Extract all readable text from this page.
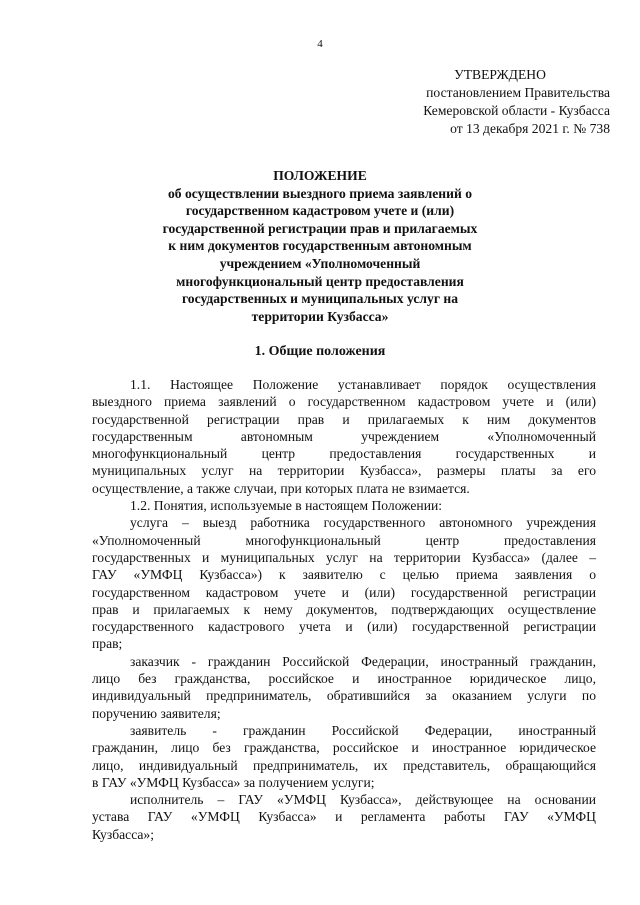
4
УТВЕРЖДЕНО
постановлением Правительства
Кемеровской области - Кузбасса
от 13 декабря 2021 г. № 738
ПОЛОЖЕНИЕ
об осуществлении выездного приема заявлений о
государственном кадастровом учете и (или)
государственной регистрации прав и прилагаемых
к ним документов государственным автономным
учреждением «Уполномоченный
многофункциональный центр предоставления
государственных и муниципальных услуг на
территории Кузбасса»
1. Общие положения
1.1. Настоящее Положение устанавливает порядок осуществления
выездного приема заявлений о государственном кадастровом учете и (или)
государственной регистрации прав и прилагаемых к ним документов
государственным автономным учреждением «Уполномоченный
многофункциональный центр предоставления государственных и
муниципальных услуг на территории Кузбасса», размеры платы за его
осуществление, а также случаи, при которых плата не взимается.
1.2. Понятия, используемые в настоящем Положении:
услуга – выезд работника государственного автономного учреждения
«Уполномоченный многофункциональный центр предоставления
государственных и муниципальных услуг на территории Кузбасса» (далее –
ГАУ «УМФЦ Кузбасса») к заявителю с целью приема заявления о
государственном кадастровом учете и (или) государственной регистрации
прав и прилагаемых к нему документов, подтверждающих осуществление
государственного кадастрового учета и (или) государственной регистрации
прав;
заказчик - гражданин Российской Федерации, иностранный гражданин,
лицо без гражданства, российское и иностранное юридическое лицо,
индивидуальный предприниматель, обратившийся за оказанием услуги по
поручению заявителя;
заявитель - гражданин Российской Федерации, иностранный
гражданин, лицо без гражданства, российское и иностранное юридическое
лицо, индивидуальный предприниматель, их представитель, обращающийся
в ГАУ «УМФЦ Кузбасса» за получением услуги;
исполнитель – ГАУ «УМФЦ Кузбасса», действующее на основании
устава ГАУ «УМФЦ Кузбасса» и регламента работы ГАУ «УМФЦ
Кузбасса»;
